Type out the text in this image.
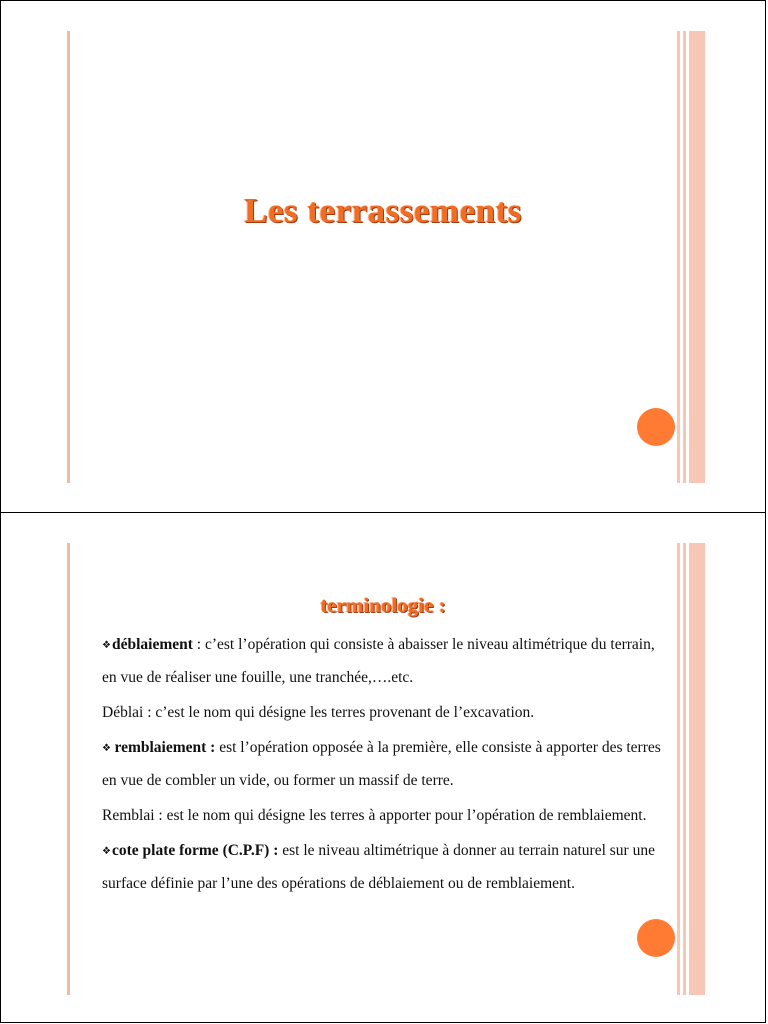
Les terrassements
terminologie :

❖déblaiement : c’est l’opération qui consiste à abaisser le niveau altimétrique du terrain, en vue de réaliser une fouille, une tranchée,….etc.

Déblai : c’est le nom qui désigne les terres provenant de l’excavation.

❖ remblaiement : est l’opération opposée à la première, elle consiste à apporter des terres en vue de combler un vide, ou former un massif de terre.

Remblai : est le nom qui désigne les terres à apporter pour l’opération de remblaiement.

❖cote plate forme (C.P.F) : est le niveau altimétrique à donner au terrain naturel sur une surface définie par l’une des opérations de déblaiement ou de remblaiement.
